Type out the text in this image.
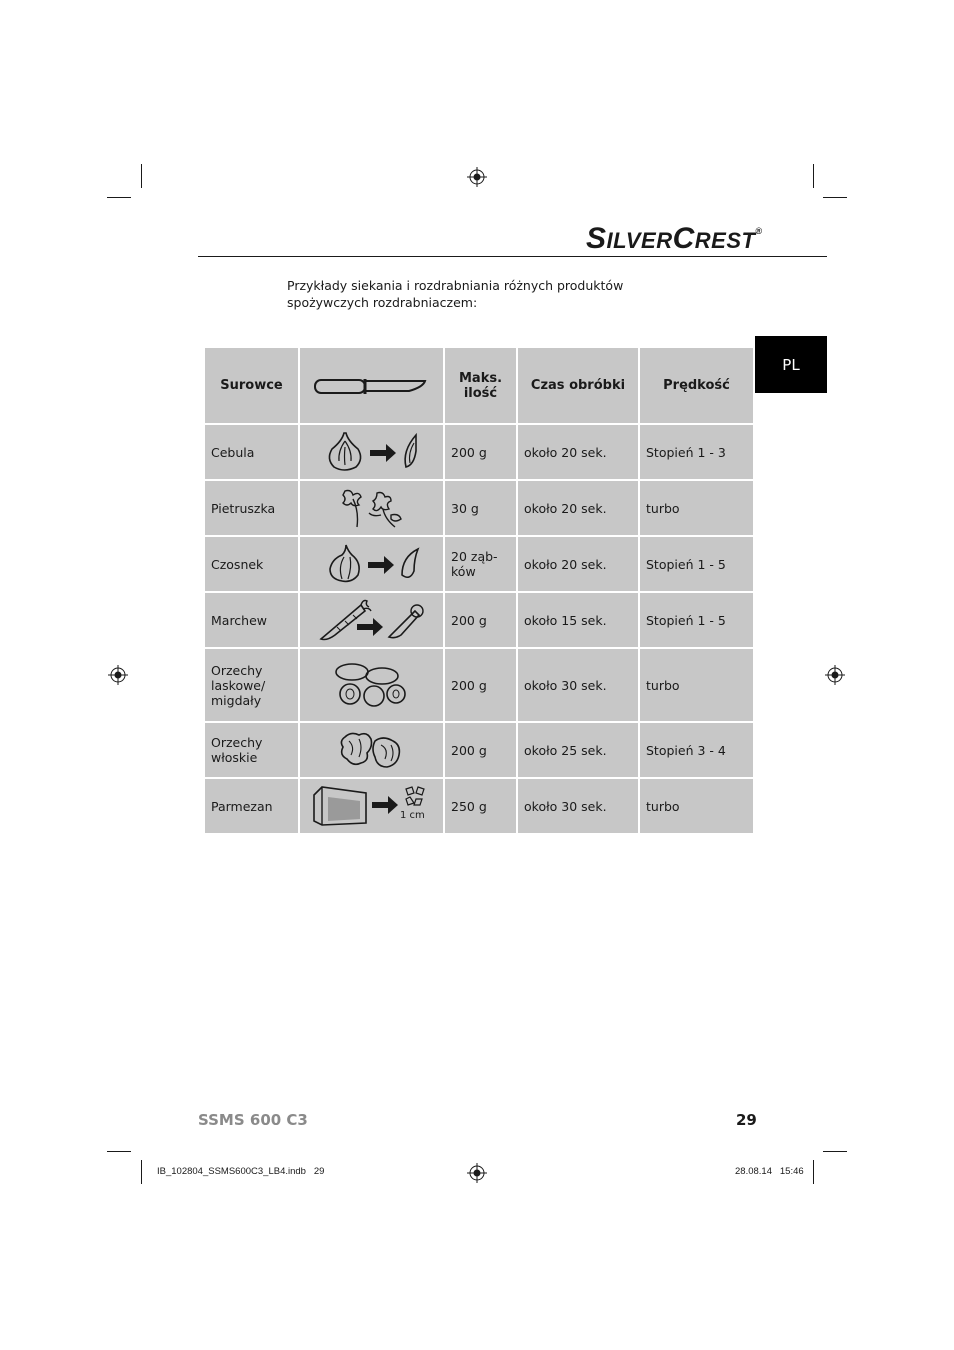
SILVERCREST®
Przykłady siekania i rozdrabniania różnych produktów spożywczych rozdrabniaczem:
PL
Surowce		Maks. ilość	Czas obróbki	Prędkość
Cebula		200 g	około 20 sek.	Stopień 1 - 3
Pietruszka		30 g	około 20 sek.	turbo
Czosnek		20 ząb-ków	około 20 sek.	Stopień 1 - 5
Marchew		200 g	około 15 sek.	Stopień 1 - 5
Orzechy laskowe/ migdały		200 g	około 30 sek.	turbo
Orzechy włoskie		200 g	około 25 sek.	Stopień 3 - 4
Parmezan	1 cm	250 g	około 30 sek.	turbo
SSMS 600 C3	29
IB_102804_SSMS600C3_LB4.indb   29	28.08.14   15:46
